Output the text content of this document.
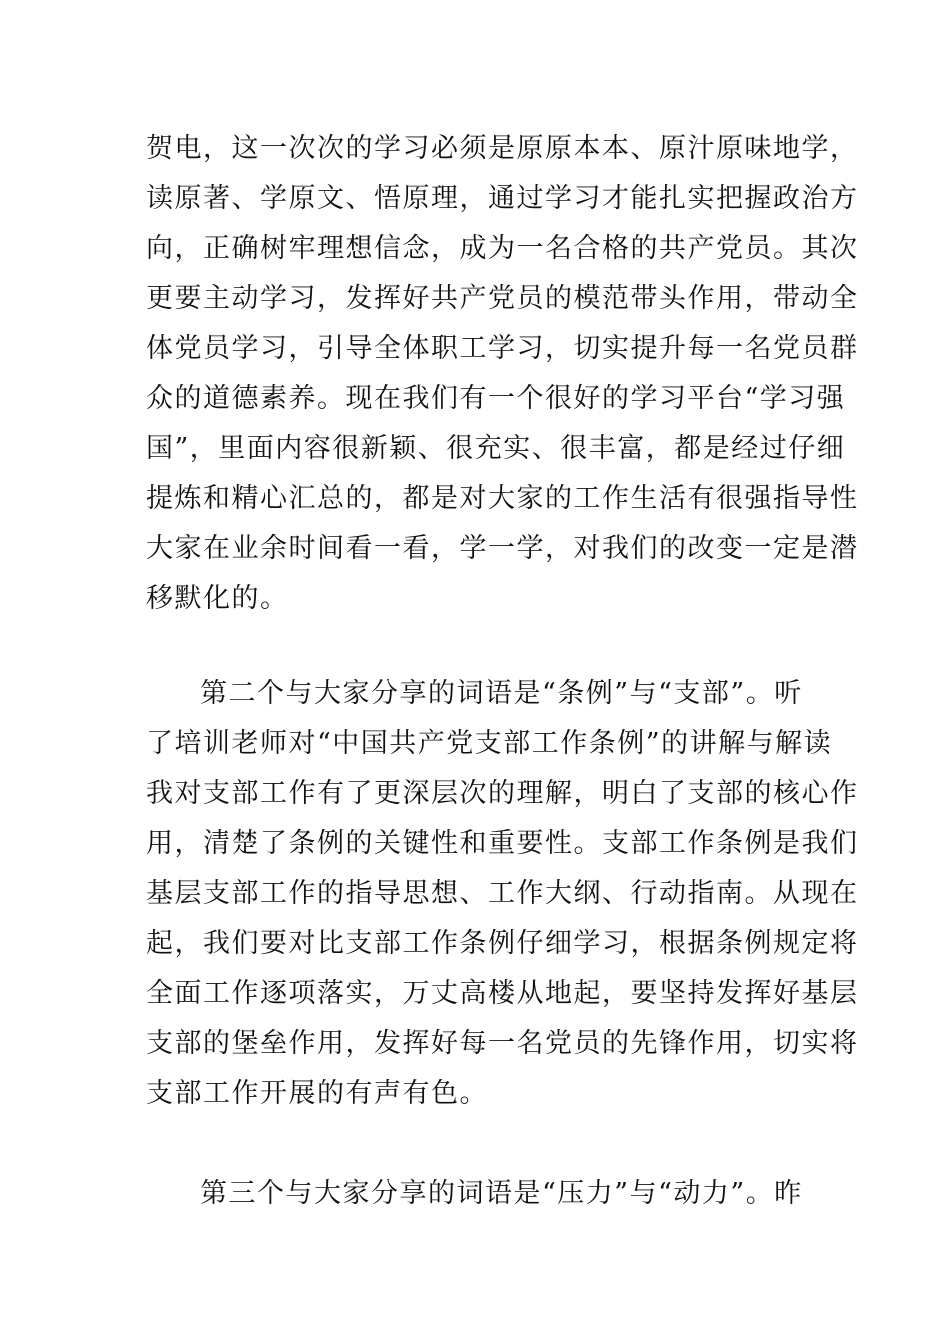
贺电，这一次次的学习必须是原原本本、原汁原味地学，
读原著、学原文、悟原理，通过学习才能扎实把握政治方
向，正确树牢理想信念，成为一名合格的共产党员。其次
更要主动学习，发挥好共产党员的模范带头作用，带动全
体党员学习，引导全体职工学习，切实提升每一名党员群
众的道德素养。现在我们有一个很好的学习平台“学习强
国”，里面内容很新颖、很充实、很丰富，都是经过仔细
提炼和精心汇总的，都是对大家的工作生活有很强指导性
大家在业余时间看一看，学一学，对我们的改变一定是潜
移默化的。
第二个与大家分享的词语是“条例”与“支部”。听
了培训老师对“中国共产党支部工作条例”的讲解与解读
我对支部工作有了更深层次的理解，明白了支部的核心作
用，清楚了条例的关键性和重要性。支部工作条例是我们
基层支部工作的指导思想、工作大纲、行动指南。从现在
起，我们要对比支部工作条例仔细学习，根据条例规定将
全面工作逐项落实，万丈高楼从地起，要坚持发挥好基层
支部的堡垒作用，发挥好每一名党员的先锋作用，切实将
支部工作开展的有声有色。
第三个与大家分享的词语是“压力”与“动力”。昨
